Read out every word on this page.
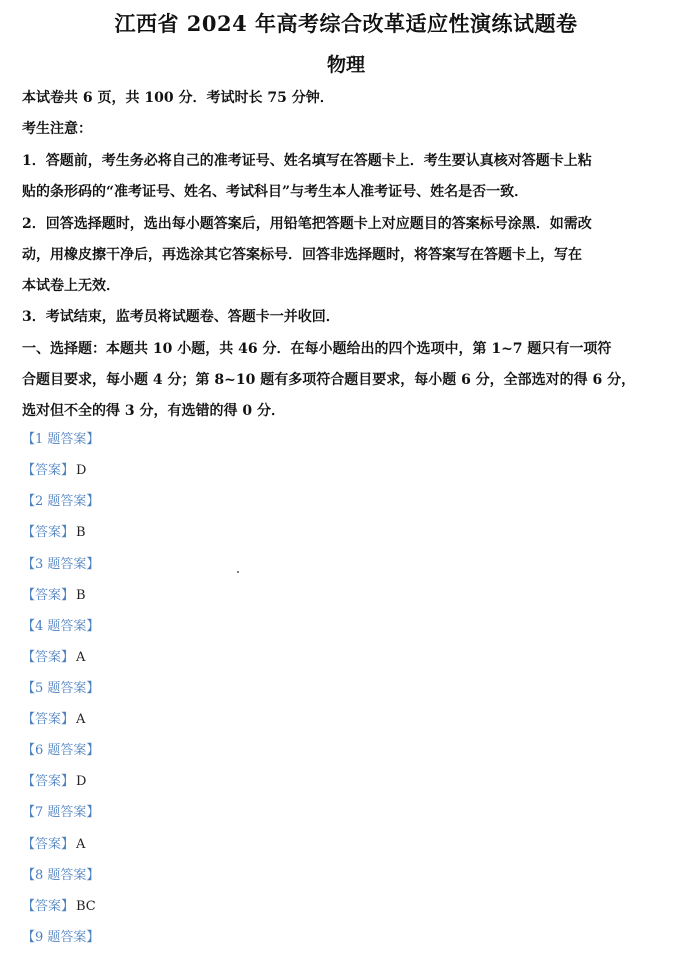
江西省 2024 年高考综合改革适应性演练试题卷
物理
本试卷共 6 页，共 100 分．考试时长 75 分钟．
考生注意：
1．答题前，考生务必将自己的准考证号、姓名填写在答题卡上．考生要认真核对答题卡上粘
贴的条形码的“准考证号、姓名、考试科目”与考生本人准考证号、姓名是否一致．
2．回答选择题时，选出每小题答案后，用铅笔把答题卡上对应题目的答案标号涂黑．如需改
动，用橡皮擦干净后，再选涂其它答案标号．回答非选择题时，将答案写在答题卡上，写在
本试卷上无效．
3．考试结束，监考员将试题卷、答题卡一并收回．
一、选择题：本题共 10 小题，共 46 分．在每小题给出的四个选项中，第 1~7 题只有一项符
合题目要求，每小题 4 分；第 8~10 题有多项符合题目要求，每小题 6 分，全部选对的得 6 分，
选对但不全的得 3 分，有选错的得 0 分．
【1 题答案】
【答案】 D
【2 题答案】
【答案】 B
【3 题答案】
【答案】 B
【4 题答案】
【答案】 A
【5 题答案】
【答案】 A
【6 题答案】
【答案】 D
【7 题答案】
【答案】 A
【8 题答案】
【答案】 BC
【9 题答案】
